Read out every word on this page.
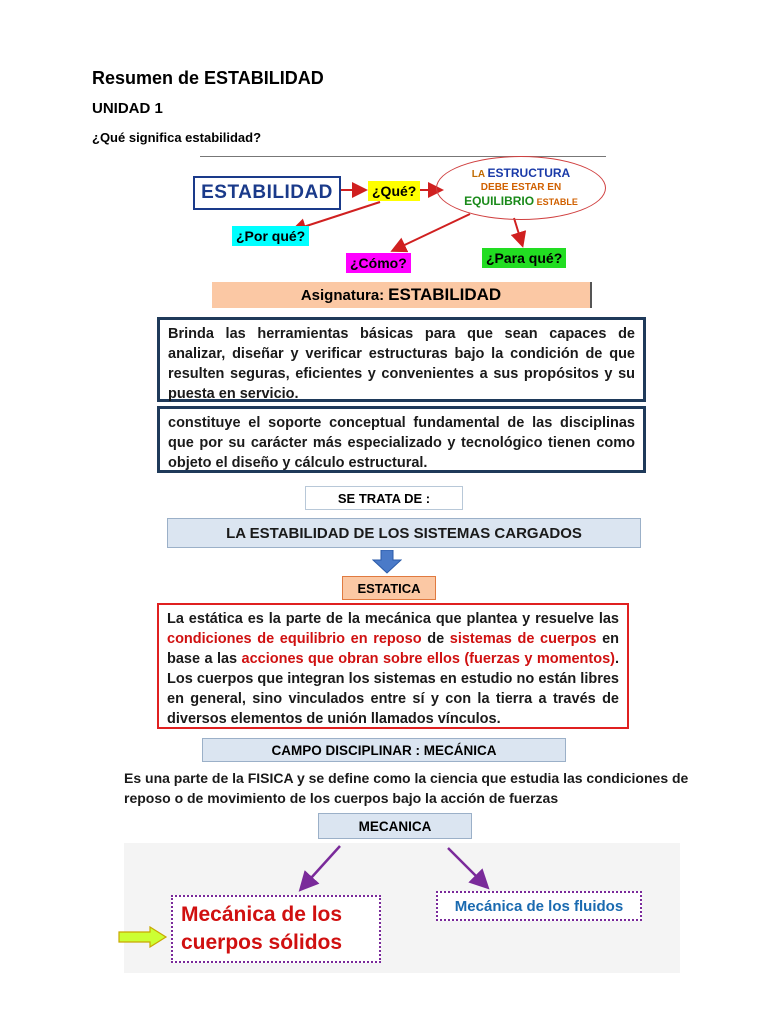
Resumen de ESTABILIDAD
UNIDAD 1
¿Qué significa estabilidad?
ESTABILIDAD	¿Qué?
¿Por qué?
¿Cómo?	¿Para qué?
LA ESTRUCTURA
DEBE ESTAR EN
EQUILIBRIO ESTABLE
Asignatura: ESTABILIDAD
Brinda las herramientas básicas para que sean capaces de analizar, diseñar y verificar estructuras bajo la condición de que resulten seguras, eficientes y convenientes a sus propósitos y su puesta en servicio.
constituye el soporte conceptual fundamental de las disciplinas que por su carácter más especializado y tecnológico tienen como objeto el diseño y cálculo estructural.
SE TRATA DE :
LA ESTABILIDAD DE LOS SISTEMAS CARGADOS
ESTATICA
La estática es la parte de la mecánica que plantea y resuelve las condiciones de equilibrio en reposo de sistemas de cuerpos en base a las acciones que obran sobre ellos (fuerzas y momentos). Los cuerpos que integran los sistemas en estudio no están libres en general, sino vinculados entre sí y con la tierra a través de diversos elementos de unión llamados vínculos.
CAMPO DISCIPLINAR : MECÁNICA
Es una parte de la FISICA y se define como la ciencia que estudia las condiciones de reposo o de movimiento de los cuerpos bajo la acción de fuerzas
MECANICA
Mecánica de los cuerpos sólidos
Mecánica de los fluidos
